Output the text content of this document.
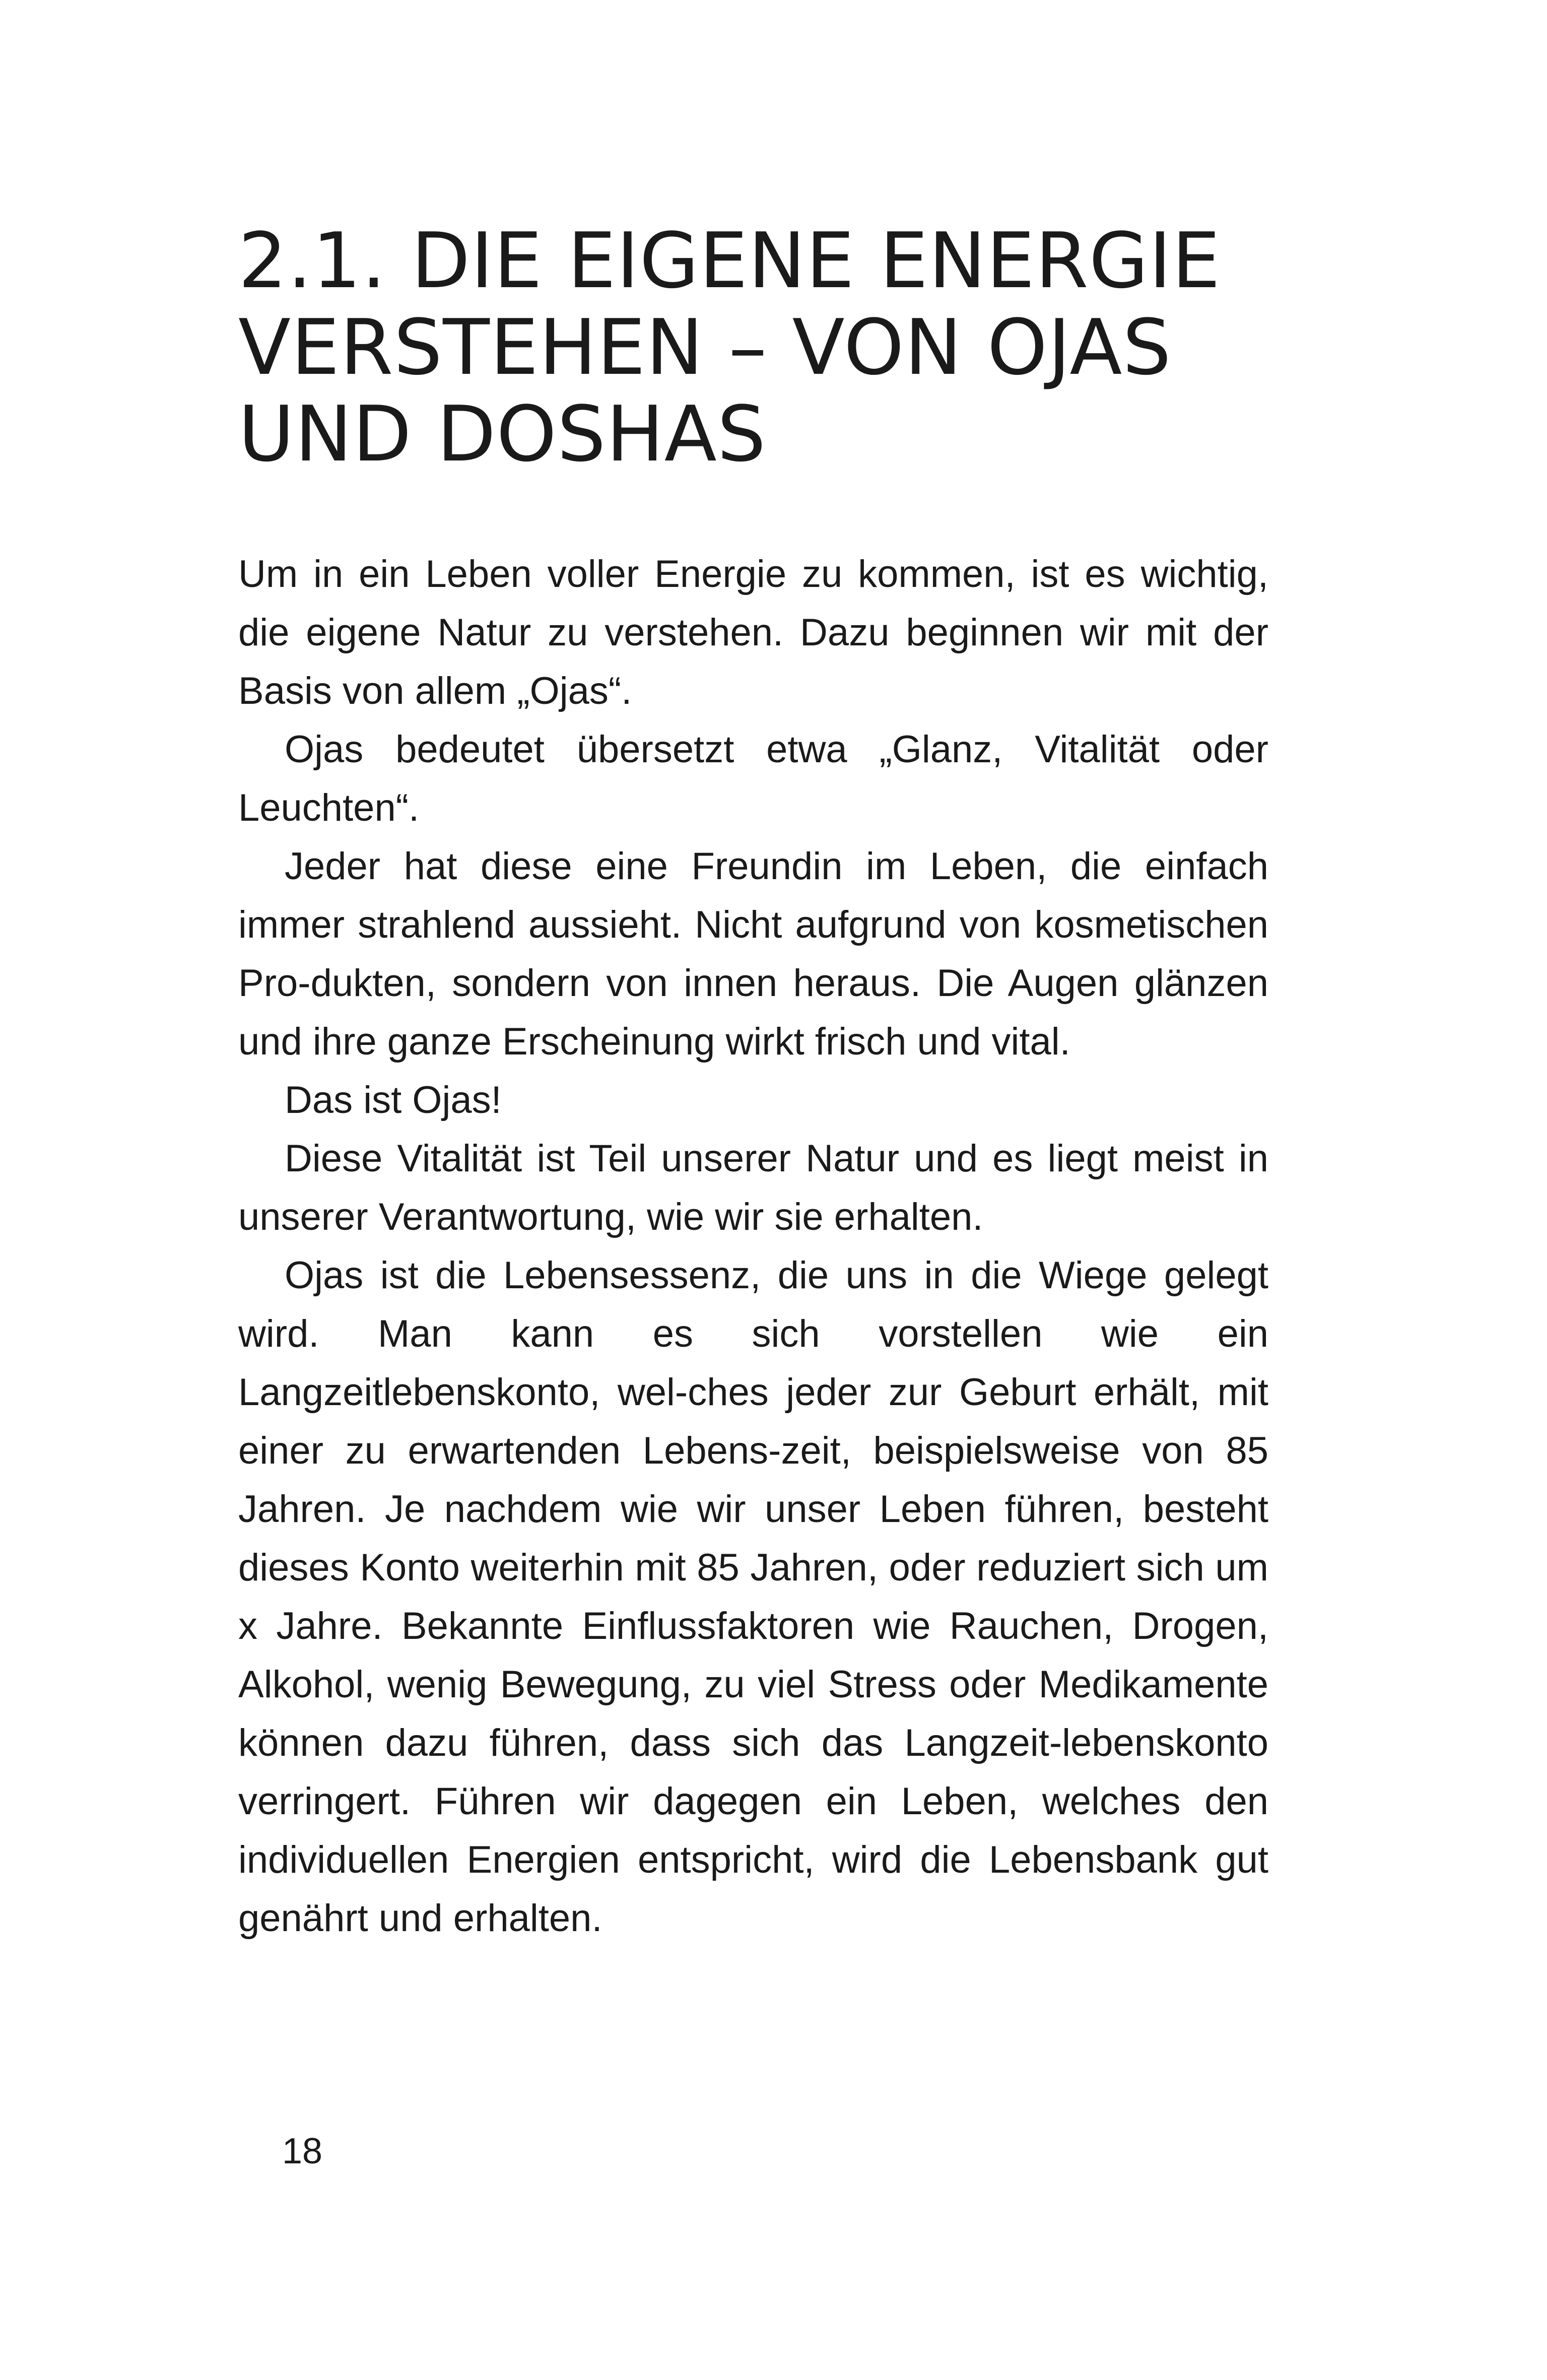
2.1. DIE EIGENE ENERGIE
VERSTEHEN – VON OJAS
UND DOSHAS

Um in ein Leben voller Energie zu kommen, ist es wichtig, die eigene Natur zu verstehen. Dazu beginnen wir mit der Basis von allem „Ojas“.

Ojas bedeutet übersetzt etwa „Glanz, Vitalität oder Leuchten“.

Jeder hat diese eine Freundin im Leben, die einfach immer strahlend aussieht. Nicht aufgrund von kosmetischen Pro-dukten, sondern von innen heraus. Die Augen glänzen und ihre ganze Erscheinung wirkt frisch und vital.

Das ist Ojas!

Diese Vitalität ist Teil unserer Natur und es liegt meist in unserer Verantwortung, wie wir sie erhalten.

Ojas ist die Lebensessenz, die uns in die Wiege gelegt wird. Man kann es sich vorstellen wie ein Langzeitlebenskonto, wel-ches jeder zur Geburt erhält, mit einer zu erwartenden Lebens-zeit, beispielsweise von 85 Jahren. Je nachdem wie wir unser Leben führen, besteht dieses Konto weiterhin mit 85 Jahren, oder reduziert sich um x Jahre. Bekannte Einflussfaktoren wie Rauchen, Drogen, Alkohol, wenig Bewegung, zu viel Stress oder Medikamente können dazu führen, dass sich das Langzeit-lebenskonto verringert. Führen wir dagegen ein Leben, welches den individuellen Energien entspricht, wird die Lebensbank gut genährt und erhalten.

18
